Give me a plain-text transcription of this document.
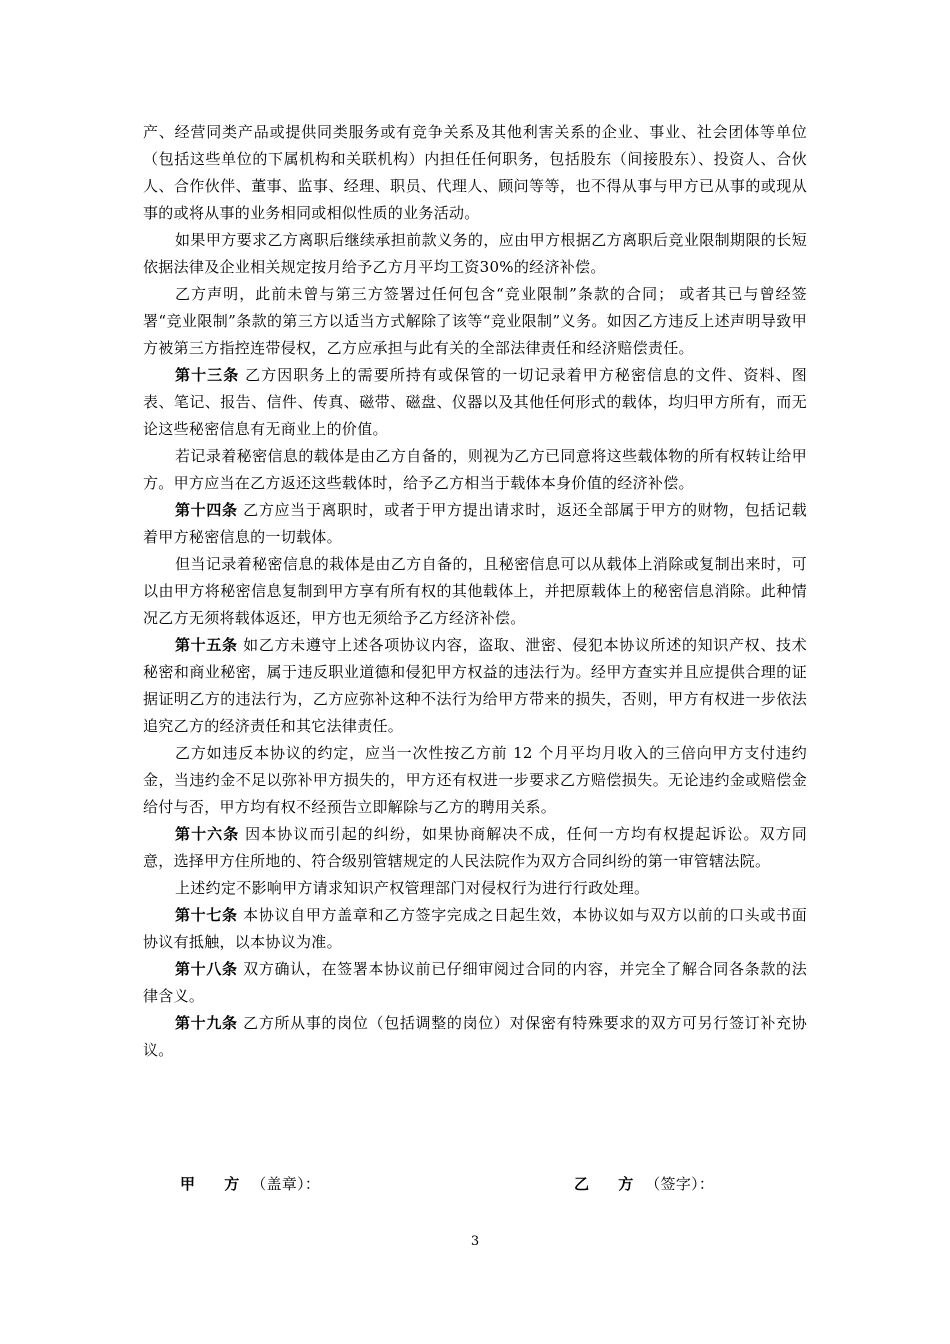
产、经营同类产品或提供同类服务或有竞争关系及其他利害关系的企业、事业、社会团体等单位（包括这些单位的下属机构和关联机构）内担任任何职务，包括股东（间接股东）、投资人、合伙人、合作伙伴、董事、监事、经理、职员、代理人、顾问等等，也不得从事与甲方已从事的或现从事的或将从事的业务相同或相似性质的业务活动。

如果甲方要求乙方离职后继续承担前款义务的，应由甲方根据乙方离职后竞业限制期限的长短依据法律及企业相关规定按月给予乙方月平均工资30%的经济补偿。

乙方声明，此前未曾与第三方签署过任何包含“竞业限制”条款的合同； 或者其已与曾经签署“竞业限制”条款的第三方以适当方式解除了该等“竞业限制”义务。如因乙方违反上述声明导致甲方被第三方指控连带侵权，乙方应承担与此有关的全部法律责任和经济赔偿责任。

第十三条 乙方因职务上的需要所持有或保管的一切记录着甲方秘密信息的文件、资料、图表、笔记、报告、信件、传真、磁带、磁盘、仪器以及其他任何形式的载体，均归甲方所有，而无论这些秘密信息有无商业上的价值。

若记录着秘密信息的载体是由乙方自备的，则视为乙方已同意将这些载体物的所有权转让给甲方。甲方应当在乙方返还这些载体时，给予乙方相当于载体本身价值的经济补偿。

第十四条 乙方应当于离职时，或者于甲方提出请求时，返还全部属于甲方的财物，包括记载着甲方秘密信息的一切载体。

但当记录着秘密信息的栽体是由乙方自备的，且秘密信息可以从载体上消除或复制出来时，可以由甲方将秘密信息复制到甲方享有所有权的其他载体上，并把原载体上的秘密信息消除。此种情况乙方无须将载体返还，甲方也无须给予乙方经济补偿。

第十五条 如乙方未遵守上述各项协议内容，盗取、泄密、侵犯本协议所述的知识产权、技术秘密和商业秘密，属于违反职业道德和侵犯甲方权益的违法行为。经甲方查实并且应提供合理的证据证明乙方的违法行为，乙方应弥补这种不法行为给甲方带来的损失，否则，甲方有权进一步依法追究乙方的经济责任和其它法律责任。

乙方如违反本协议的约定，应当一次性按乙方前 12 个月平均月收入的三倍向甲方支付违约金，当违约金不足以弥补甲方损失的，甲方还有权进一步要求乙方赔偿损失。无论违约金或赔偿金给付与否，甲方均有权不经预告立即解除与乙方的聘用关系。

第十六条 因本协议而引起的纠纷，如果协商解决不成，任何一方均有权提起诉讼。双方同意，选择甲方住所地的、符合级别管辖规定的人民法院作为双方合同纠纷的第一审管辖法院。

上述约定不影响甲方请求知识产权管理部门对侵权行为进行行政处理。

第十七条 本协议自甲方盖章和乙方签字完成之日起生效，本协议如与双方以前的口头或书面协议有抵触，以本协议为准。

第十八条 双方确认，在签署本协议前已仔细审阅过合同的内容，并完全了解合同各条款的法律含义。

第十九条 乙方所从事的岗位（包括调整的岗位）对保密有特殊要求的双方可另行签订补充协议。

甲 方（盖章）：	乙 方（签字）：
3
